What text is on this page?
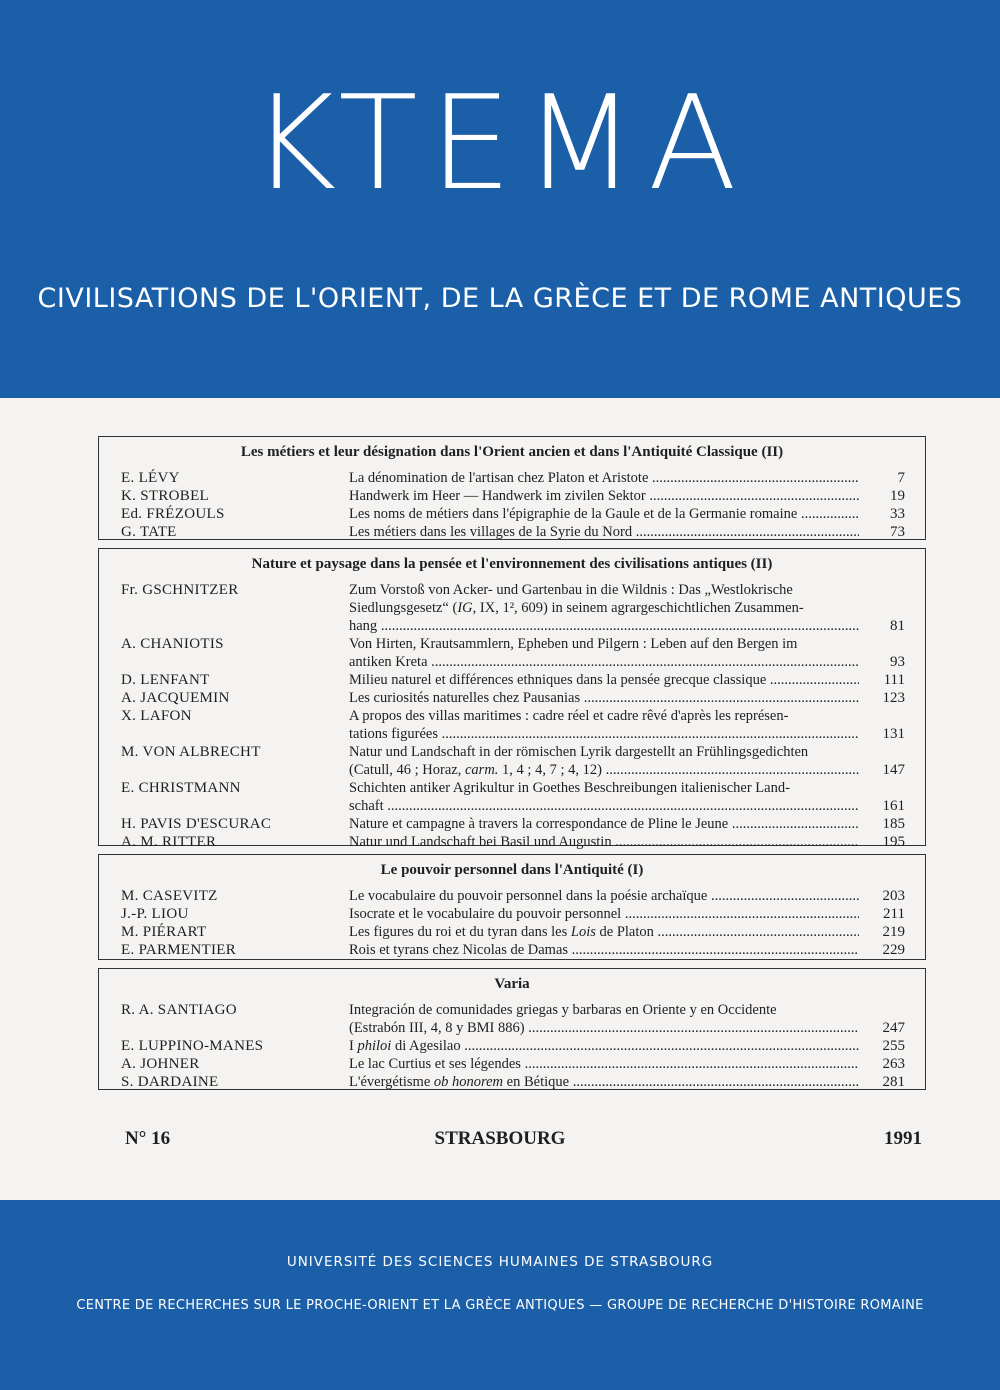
KTEMA
CIVILISATIONS DE L'ORIENT, DE LA GRÈCE ET DE ROME ANTIQUES
Les métiers et leur désignation dans l'Orient ancien et dans l'Antiquité Classique (II)
E. LÉVY	La dénomination de l'artisan chez Platon et Aristote .....	7
K. STROBEL	Handwerk im Heer — Handwerk im zivilen Sektor .....	19
Ed. FRÉZOULS	Les noms de métiers dans l'épigraphie de la Gaule et de la Germanie romaine .....	33
G. TATE	Les métiers dans les villages de la Syrie du Nord .....	73
Nature et paysage dans la pensée et l'environnement des civilisations antiques (II)
Fr. GSCHNITZER	Zum Vorstoß von Acker- und Gartenbau in die Wildnis : Das „Westlokrische
Siedlungsgesetz“ (IG, IX, 1², 609) in seinem agrargeschichtlichen Zusammen-
hang .....	81
A. CHANIOTIS	Von Hirten, Krautsammlern, Epheben und Pilgern : Leben auf den Bergen im
antiken Kreta .....	93
D. LENFANT	Milieu naturel et différences ethniques dans la pensée grecque classique .....	111
A. JACQUEMIN	Les curiosités naturelles chez Pausanias .....	123
X. LAFON	A propos des villas maritimes : cadre réel et cadre rêvé d'après les représen-
tations figurées .....	131
M. VON ALBRECHT	Natur und Landschaft in der römischen Lyrik dargestellt an Frühlingsgedichten
(Catull, 46 ; Horaz, carm. 1, 4 ; 4, 7 ; 4, 12) .....	147
E. CHRISTMANN	Schichten antiker Agrikultur in Goethes Beschreibungen italienischer Land-
schaft .....	161
H. PAVIS D'ESCURAC	Nature et campagne à travers la correspondance de Pline le Jeune .....	185
A. M. RITTER	Natur und Landschaft bei Basil und Augustin .....	195
Le pouvoir personnel dans l'Antiquité (I)
M. CASEVITZ	Le vocabulaire du pouvoir personnel dans la poésie archaïque .....	203
J.-P. LIOU	Isocrate et le vocabulaire du pouvoir personnel .....	211
M. PIÉRART	Les figures du roi et du tyran dans les Lois de Platon .....	219
E. PARMENTIER	Rois et tyrans chez Nicolas de Damas .....	229
Varia
R. A. SANTIAGO	Integración de comunidades griegas y barbaras en Oriente y en Occidente
(Estrabón III, 4, 8 y BMI 886) .....	247
E. LUPPINO-MANES	I philoi di Agesilao .....	255
A. JOHNER	Le lac Curtius et ses légendes .....	263
S. DARDAINE	L'évergétisme ob honorem en Bétique .....	281
N° 16	STRASBOURG	1991
UNIVERSITÉ DES SCIENCES HUMAINES DE STRASBOURG
CENTRE DE RECHERCHES SUR LE PROCHE-ORIENT ET LA GRÈCE ANTIQUES — GROUPE DE RECHERCHE D'HISTOIRE ROMAINE
